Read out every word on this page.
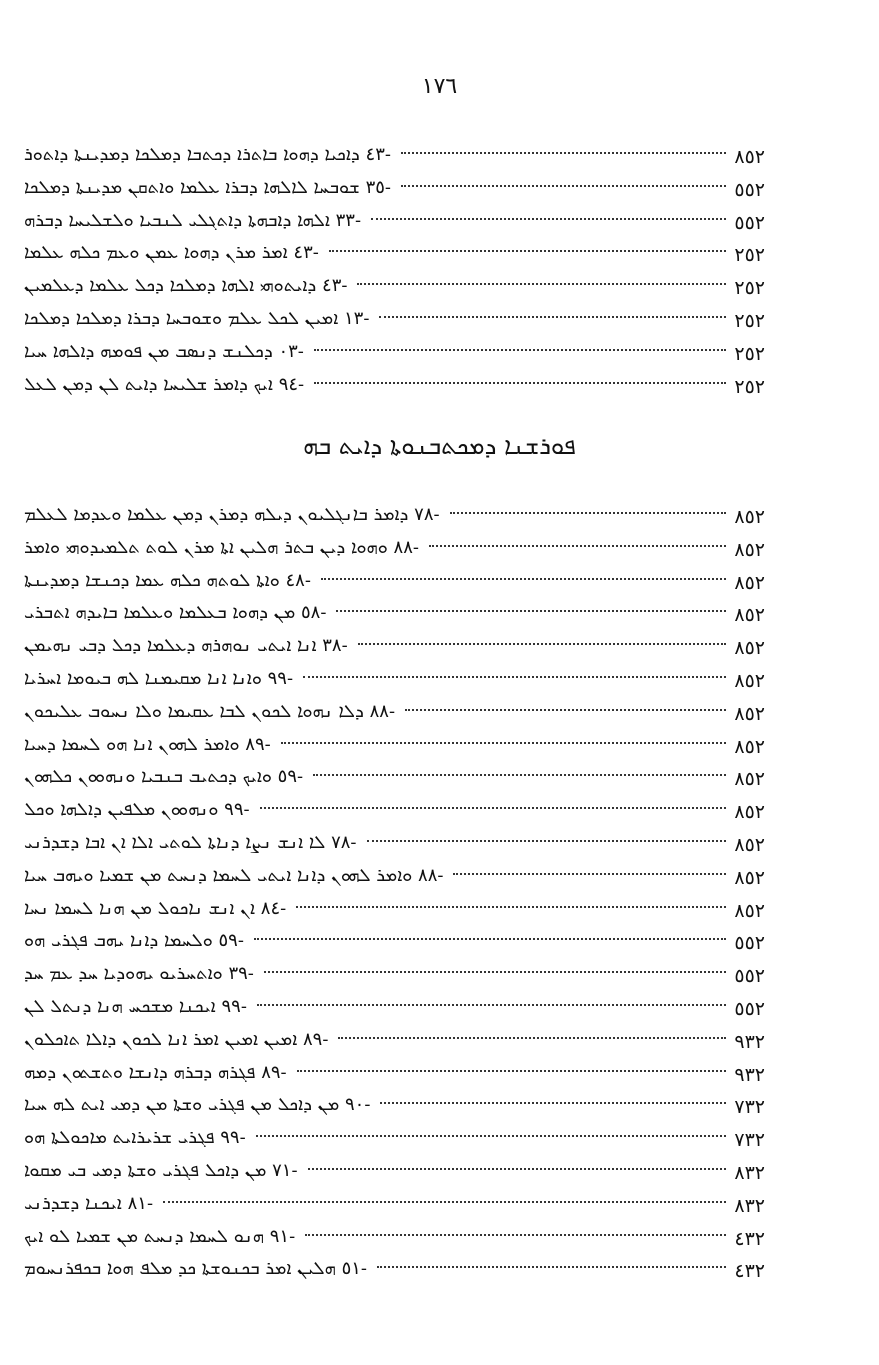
١٧٦
-٤٣ ܕܐܟܝܐ ܕܗܘܐ ܒܐܬܪܐ ܕܟܬܒܐ ܕܡܠܟܐ ܕܡܕܝܢܬܐ ܕܐܬܘܪ	٨٥٢
-٣٥ ܫܘܒܚܐ ܠܐܠܗܐ ܕܒܪܐ ܥܠܡܐ ܘܐܬܩܢ ܡܕܝܢܬܐ ܕܡܠܟܐ	٥٥٢
-٣٣ ܐܠܗܐ ܕܐܒܗܬܐ ܕܐܬܓܠܝ ܠܢܒܝܐ ܘܠܫܠܝܚܐ ܕܒܪܗ	٥٥٢
-٤٣ ܐܡܪ ܡܪܢ ܕܗܘܐ ܥܡܢ ܘܥܡ ܟܠܗ ܥܠܡܐ	٢٥٢
-٤٣ ܕܐܝܬܘܗܝ ܐܠܗܐ ܕܡܠܟܐ ܕܟܠ ܥܠܡܐ ܕܥܠܡܝܢ	٢٥٢
-١٣ ܐܡܝܢ ܠܟܠ ܥܠܡ ܘܫܘܒܚܐ ܕܒܪܐ ܕܡܠܟܐ ܕܡܠܟܐ	٢٥٢
-٠٣ ܕܟܠܢܫ ܕܢܣܒ ܡܢ ܦܘܡܗ ܕܐܠܗܐ ܚܝܐ	٢٥٢
-٩٤ ܐܝܟ ܕܐܡܪ ܫܠܝܚܐ ܕܐܝܬ ܠܢ ܕܡܢ ܠܥܠ	٢٥٢
ܦܘܪܫܢܐ ܕܡܟܬܒܢܘܬܐ ܕܐܝܬ ܒܗ
-٧٨ ܕܐܡܪ ܒܐܢܓܠܝܘܢ ܕܝܠܗ ܕܡܪܢ ܕܡܢ ܥܠܡܐ ܘܥܕܡܐ ܠܥܠܡ	٨٥٢
-٨٨ ܘܗܘܐ ܕܝܢ ܒܬܪ ܗܠܝܢ ܐܬܐ ܡܪܢ ܠܘܬ ܬܠܡܝܕܘܗܝ ܘܐܡܪ	٨٥٢
-٤٨ ܘܐܬܐ ܠܘܬܗ ܟܠܗ ܥܡܐ ܕܟܢܫܐ ܕܡܕܝܢܬܐ	٨٥٢
-٥٨ ܡܢ ܕܗܘܐ ܒܥܠܡܐ ܘܥܠܡܐ ܒܐܝܕܗ ܐܬܒܪܝ	٨٥٢
-٣٨ ܐܢܐ ܐܝܬܝ ܢܘܗܪܗ ܕܥܠܡܐ ܕܟܠ ܕܒܝ ܢܗܝܡܢ	٨٥٢
-٩٩ ܘܐܢܐ ܐܢܐ ܡܩܝܡܢܐ ܠܗ ܒܝܘܡܐ ܐܚܪܝܐ	٨٥٢
-٨٨ ܕܠܐ ܢܗܘܐ ܠܟܘܢ ܠܒܐ ܥܩܝܡܐ ܘܠܐ ܢܚܘܒ ܥܠܝܟܘܢ	٨٥٢
-٨٩ ܘܐܡܪ ܠܗܘܢ ܐܢܐ ܗܘ ܠܚܡܐ ܕܚܝܐ	٨٥٢
-٥٩ ܘܐܝܟ ܕܟܬܝܒ ܒܢܒܝܐ ܘܢܗܘܘܢ ܟܠܗܘܢ	٨٥٢
-٩٩ ܘܢܗܘܘܢ ܡܠܦܝܢ ܕܐܠܗܐ ܘܟܠ	٨٥٢
-٧٨ ܠܐ ܐܢܫ ܢܨܐ ܕܢܐܬܐ ܠܘܬܝ ܐܠܐ ܐܢ ܐܒܐ ܕܫܕܪܢܝ	٨٥٢
-٨٨ ܘܐܡܪ ܠܗܘܢ ܕܐܢܐ ܐܝܬܝ ܠܚܡܐ ܕܢܚܬ ܡܢ ܫܡܝܐ ܘܝܗܒ ܚܝܐ	٨٥٢
-٨٤ ܐܢ ܐܢܫ ܢܐܟܘܠ ܡܢ ܗܢܐ ܠܚܡܐ ܢܚܐ	٨٥٢
-٥٩ ܘܠܚܡܐ ܕܐܢܐ ܝܗܒ ܦܓܪܝ ܗܘ	٥٥٢
-٣٩ ܘܐܬܚܪܝܘ ܝܗܘܕܝܐ ܚܕ ܥܡ ܚܕ	٥٥٢
-٩٩ ܐܝܟܢܐ ܡܫܟܚ ܗܢܐ ܕܢܬܠ ܠܢ	٥٥٢
-٨٩ ܐܡܝܢ ܐܡܝܢ ܐܡܪ ܐܢܐ ܠܟܘܢ ܕܐܠܐ ܬܐܟܠܘܢ	٩٣٢
-٨٩ ܦܓܪܗ ܕܒܪܗ ܕܐܢܫܐ ܘܬܫܬܘܢ ܕܡܗ	٩٣٢
-٩٠ ܡܢ ܕܐܟܠ ܡܢ ܦܓܪܝ ܘܫܬܐ ܡܢ ܕܡܝ ܐܝܬ ܠܗ ܚܝܐ	٧٣٢
-٩٩ ܦܓܪܝ ܫܪܝܪܐܝܬ ܡܐܟܘܠܬܐ ܗܘ	٧٣٢
-٧١ ܡܢ ܕܐܟܠ ܦܓܪܝ ܘܫܬܐ ܕܡܝ ܒܝ ܡܩܘܐ	٨٣٢
-٨١ ܐܝܟܢܐ ܕܫܕܪܢܝ	٨٣٢
-٩١ ܗܢܘ ܠܚܡܐ ܕܢܚܬ ܡܢ ܫܡܝܐ ܠܘ ܐܝܟ	٤٣٢
-٥١ ܗܠܝܢ ܐܡܪ ܒܟܢܘܫܬܐ ܟܕ ܡܠܦ ܗܘܐ ܒܟܦܪܢܚܘܡ	٤٣٢
